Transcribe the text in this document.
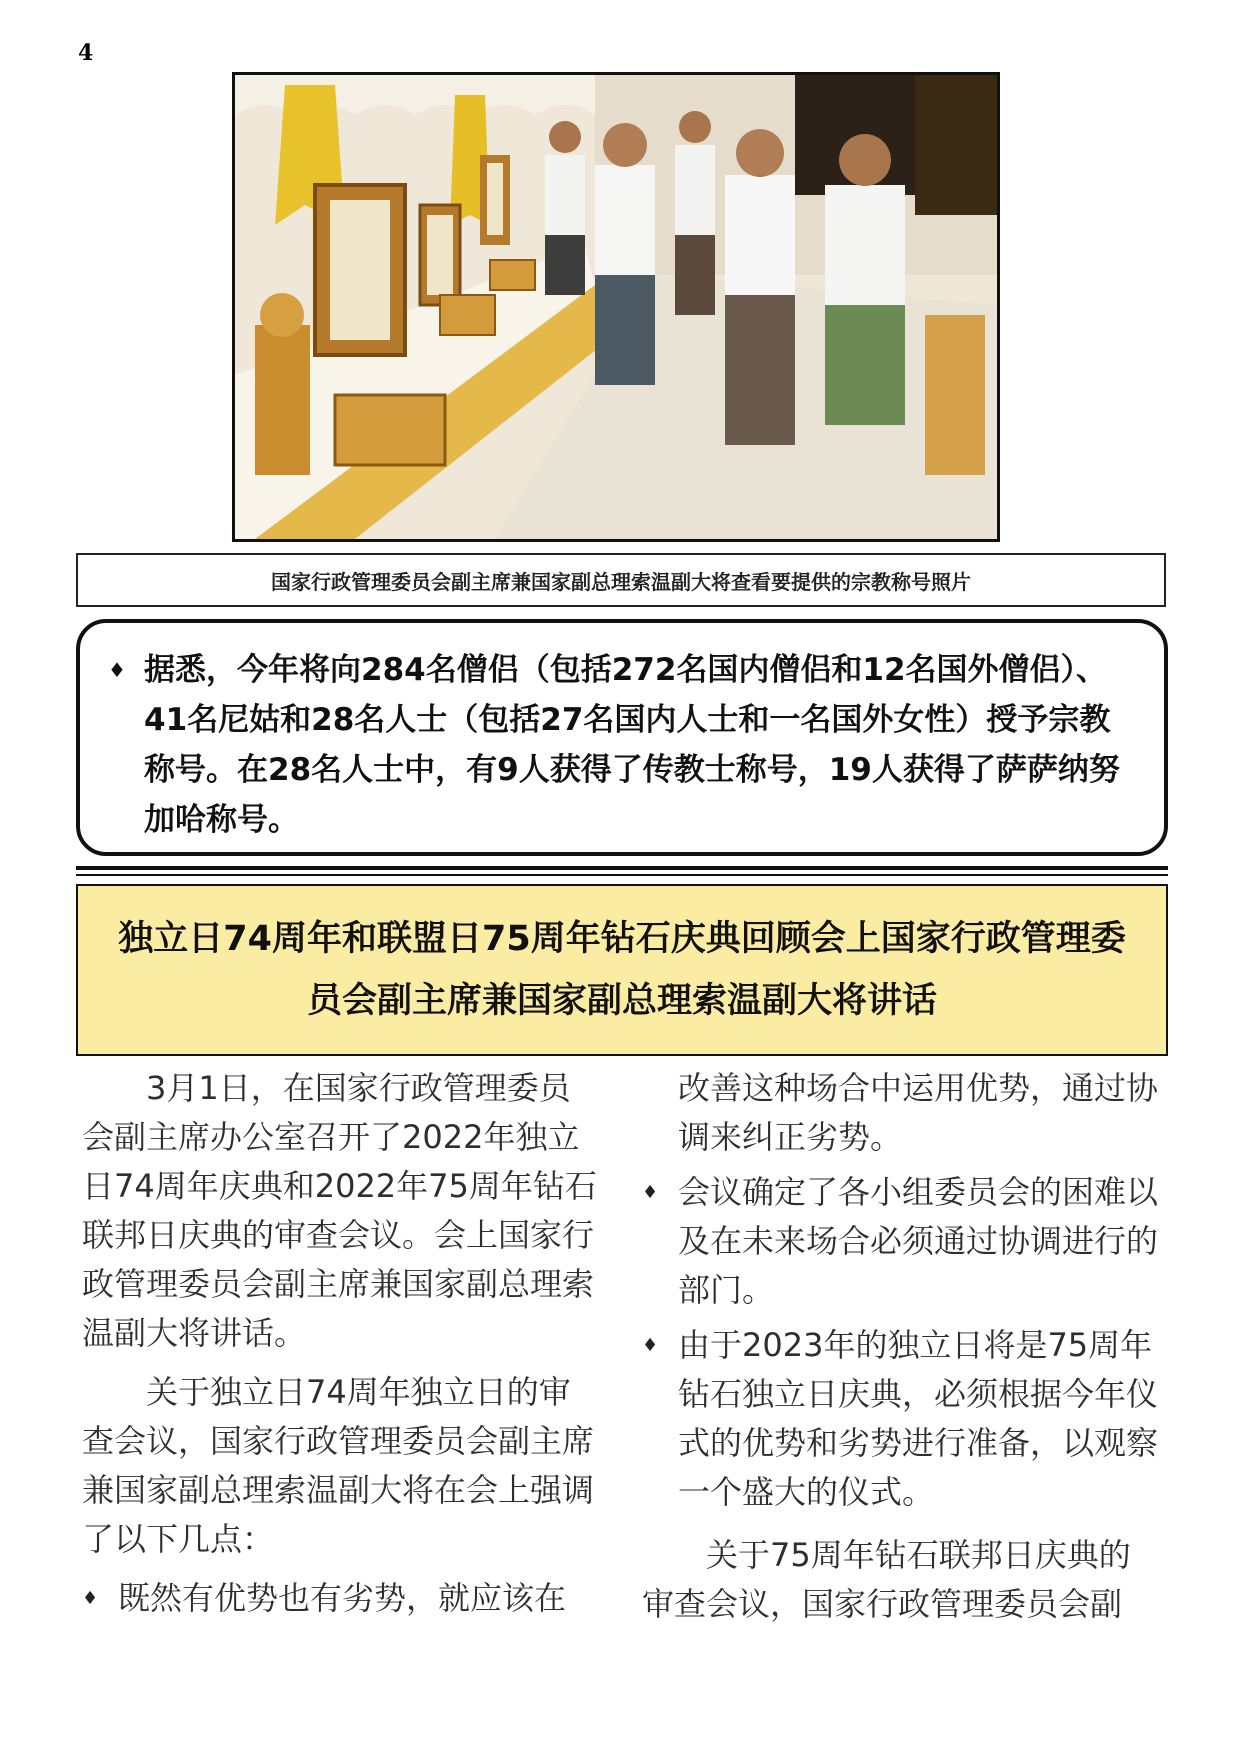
4
国家行政管理委员会副主席兼国家副总理索温副大将查看要提供的宗教称号照片
♦ 据悉，今年将向284名僧侣（包括272名国内僧侣和12名国外僧侣）、41名尼姑和28名人士（包括27名国内人士和一名国外女性）授予宗教称号。在28名人士中，有9人获得了传教士称号，19人获得了萨萨纳努加哈称号。
独立日74周年和联盟日75周年钻石庆典回顾会上国家行政管理委
员会副主席兼国家副总理索温副大将讲话

3月1日，在国家行政管理委员会副主席办公室召开了2022年独立日74周年庆典和2022年75周年钻石联邦日庆典的审查会议。会上国家行政管理委员会副主席兼国家副总理索温副大将讲话。

关于独立日74周年独立日的审查会议，国家行政管理委员会副主席兼国家副总理索温副大将在会上强调了以下几点：

♦ 既然有优势也有劣势，就应该在
改善这种场合中运用优势，通过协调来纠正劣势。
♦ 会议确定了各小组委员会的困难以及在未来场合必须通过协调进行的部门。
♦ 由于2023年的独立日将是75周年钻石独立日庆典，必须根据今年仪式的优势和劣势进行准备，以观察一个盛大的仪式。

关于75周年钻石联邦日庆典的审查会议，国家行政管理委员会副
